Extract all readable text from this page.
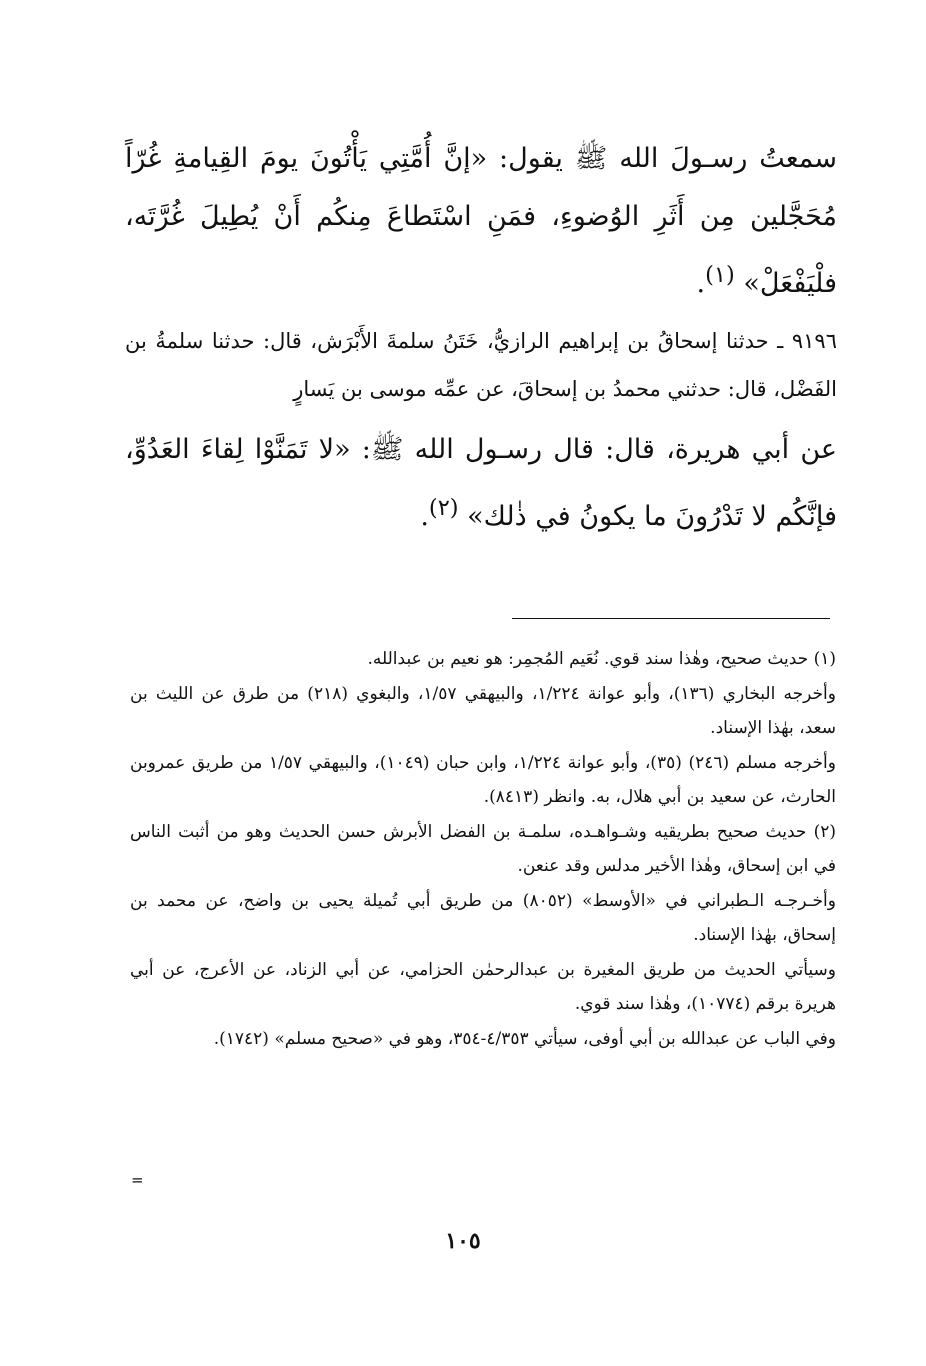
سمعتُ رسـولَ الله ﷺ يقول: «إنَّ أُمَّتِي يَأْتُونَ يومَ القِيامةِ غُرّاً مُحَجَّلين مِن أَثَرِ الوُضوءِ، فمَنِ اسْتَطاعَ مِنكُم أَنْ يُطِيلَ غُرَّتَه، فلْيَفْعَلْ» $^{(١)}$.

٩١٩٦ ـ حدثنا إسحاقُ بن إبراهيم الرازيُّ، خَتَنُ سلمةَ الأَبْرَش، قال: حدثنا سلمةُ بن الفَضْل، قال: حدثني محمدُ بن إسحاقَ، عن عمِّه موسى بن يَسارٍ

عن أبي هريرة، قال: قال رسـول الله ﷺ: «لا تَمَنَّوْا لِقاءَ العَدُوِّ، فإنَّكُم لا تَدْرُونَ ما يكونُ في ذٰلك» $^{(٢)}$.

(١) حديث صحيح، وهٰذا سند قوي. نُعَيم المُجمِر: هو نعيم بن عبدالله.

وأخرجه البخاري (١٣٦)، وأبو عوانة ١/٢٢٤، والبيهقي ١/٥٧، والبغوي (٢١٨) من طرق عن الليث بن سعد، بهٰذا الإسناد.

وأخرجه مسلم (٢٤٦) (٣٥)، وأبو عوانة ١/٢٢٤، وابن حبان (١٠٤٩)، والبيهقي ١/٥٧ من طريق عمروبن الحارث، عن سعيد بن أبي هلال، به. وانظر (٨٤١٣).

(٢) حديث صحيح بطريقيه وشـواهـده، سلمـة بن الفضل الأبرش حسن الحديث وهو من أثبت الناس في ابن إسحاق، وهٰذا الأخير مدلس وقد عنعن.

وأخـرجـه الـطبراني في «الأوسط» (٨٠٥٢) من طريق أبي تُميلة يحيى بن واضح، عن محمد بن إسحاق، بهٰذا الإسناد.

وسيأتي الحديث من طريق المغيرة بن عبدالرحمٰن الحزامي، عن أبي الزناد، عن الأعرج، عن أبي هريرة برقم (١٠٧٧٤)، وهٰذا سند قوي.

وفي الباب عن عبدالله بن أبي أوفى، سيأتي ٤/٣٥٣-٣٥٤، وهو في «صحيح مسلم» (١٧٤٢).

=
١٠٥
